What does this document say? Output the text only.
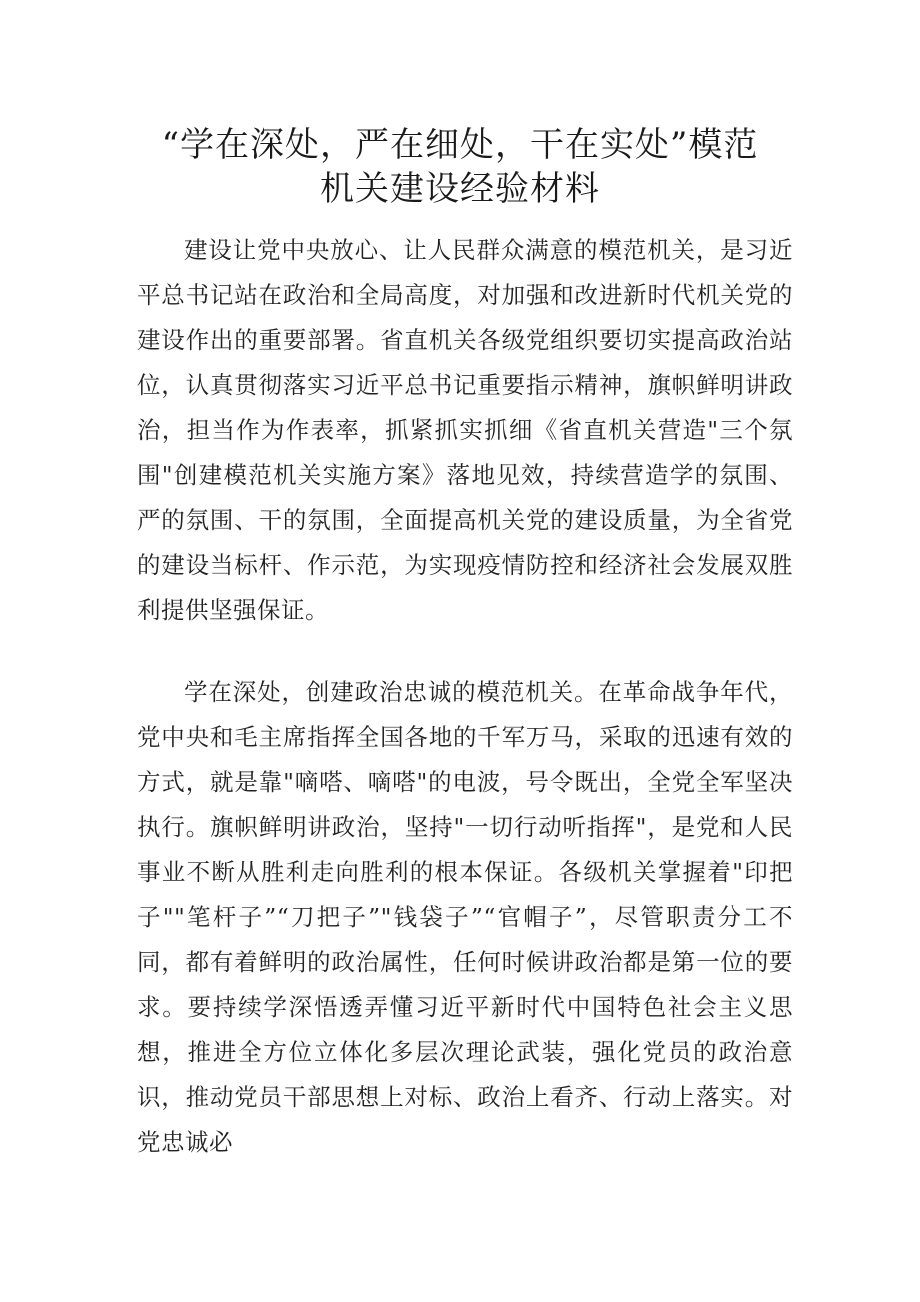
“学在深处，严在细处，干在实处”模范
机关建设经验材料

建设让党中央放心、让人民群众满意的模范机关，是习近平总书记站在政治和全局高度，对加强和改进新时代机关党的建设作出的重要部署。省直机关各级党组织要切实提高政治站位，认真贯彻落实习近平总书记重要指示精神，旗帜鲜明讲政治，担当作为作表率，抓紧抓实抓细《省直机关营造"三个氛围"创建模范机关实施方案》落地见效，持续营造学的氛围、严的氛围、干的氛围，全面提高机关党的建设质量，为全省党的建设当标杆、作示范，为实现疫情防控和经济社会发展双胜利提供坚强保证。

学在深处，创建政治忠诚的模范机关。在革命战争年代，党中央和毛主席指挥全国各地的千军万马，采取的迅速有效的方式，就是靠"嘀嗒、嘀嗒"的电波，号令既出，全党全军坚决执行。旗帜鲜明讲政治，坚持"一切行动听指挥"，是党和人民事业不断从胜利走向胜利的根本保证。各级机关掌握着"印把子""笔杆子”“刀把子”"钱袋子”“官帽子”，尽管职责分工不同，都有着鲜明的政治属性，任何时候讲政治都是第一位的要求。要持续学深悟透弄懂习近平新时代中国特色社会主义思想，推进全方位立体化多层次理论武装，强化党员的政治意识，推动党员干部思想上对标、政治上看齐、行动上落实。对党忠诚必
